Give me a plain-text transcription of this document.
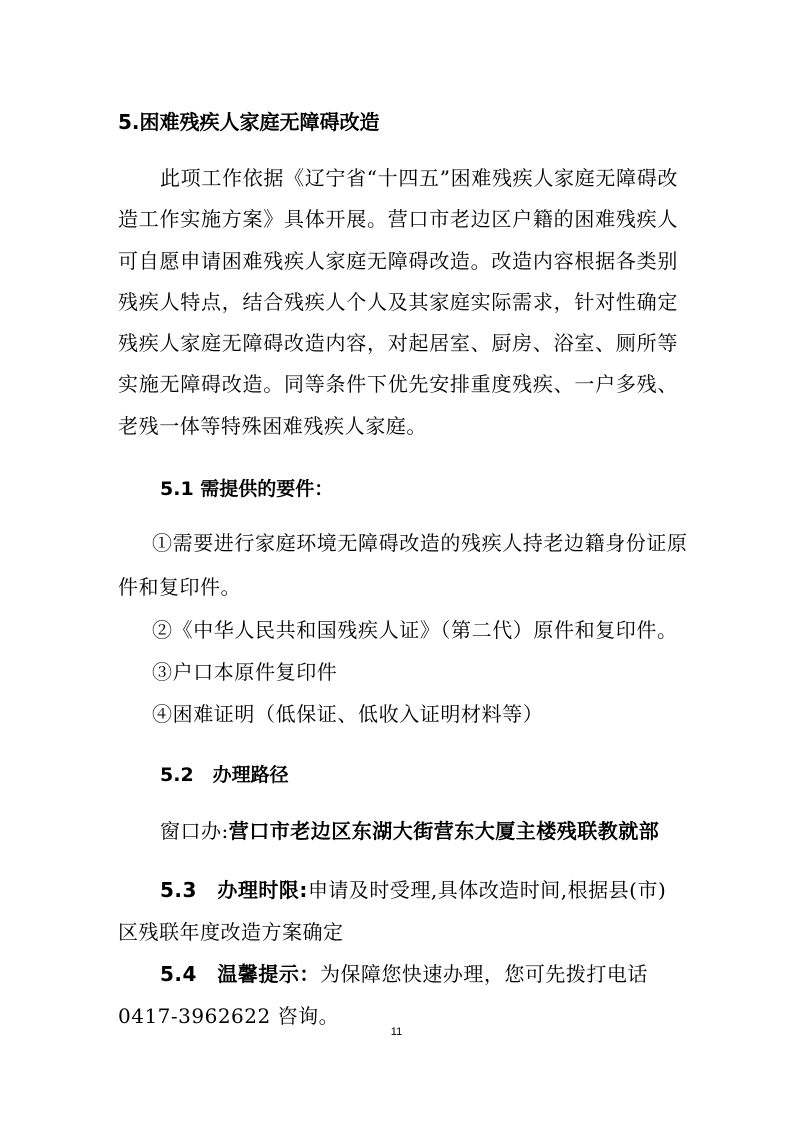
5.困难残疾人家庭无障碍改造
此项工作依据《辽宁省“十四五”困难残疾人家庭无障碍改造工作实施方案》具体开展。营口市老边区户籍的困难残疾人可自愿申请困难残疾人家庭无障碍改造。改造内容根据各类别残疾人特点，结合残疾人个人及其家庭实际需求，针对性确定残疾人家庭无障碍改造内容，对起居室、厨房、浴室、厕所等实施无障碍改造。同等条件下优先安排重度残疾、一户多残、老残一体等特殊困难残疾人家庭。
5.1 需提供的要件：
①需要进行家庭环境无障碍改造的残疾人持老边籍身份证原
件和复印件。
②《中华人民共和国残疾人证》（第二代）原件和复印件。
③户口本原件复印件
④困难证明（低保证、低收入证明材料等）
5.2　办理路径
窗口办:营口市老边区东湖大街营东大厦主楼残联教就部
5.3　办理时限:申请及时受理,具体改造时间,根据县(市)
区残联年度改造方案确定
5.4　温馨提示：为保障您快速办理，您可先拨打电话
0417-3962622 咨询。
11
